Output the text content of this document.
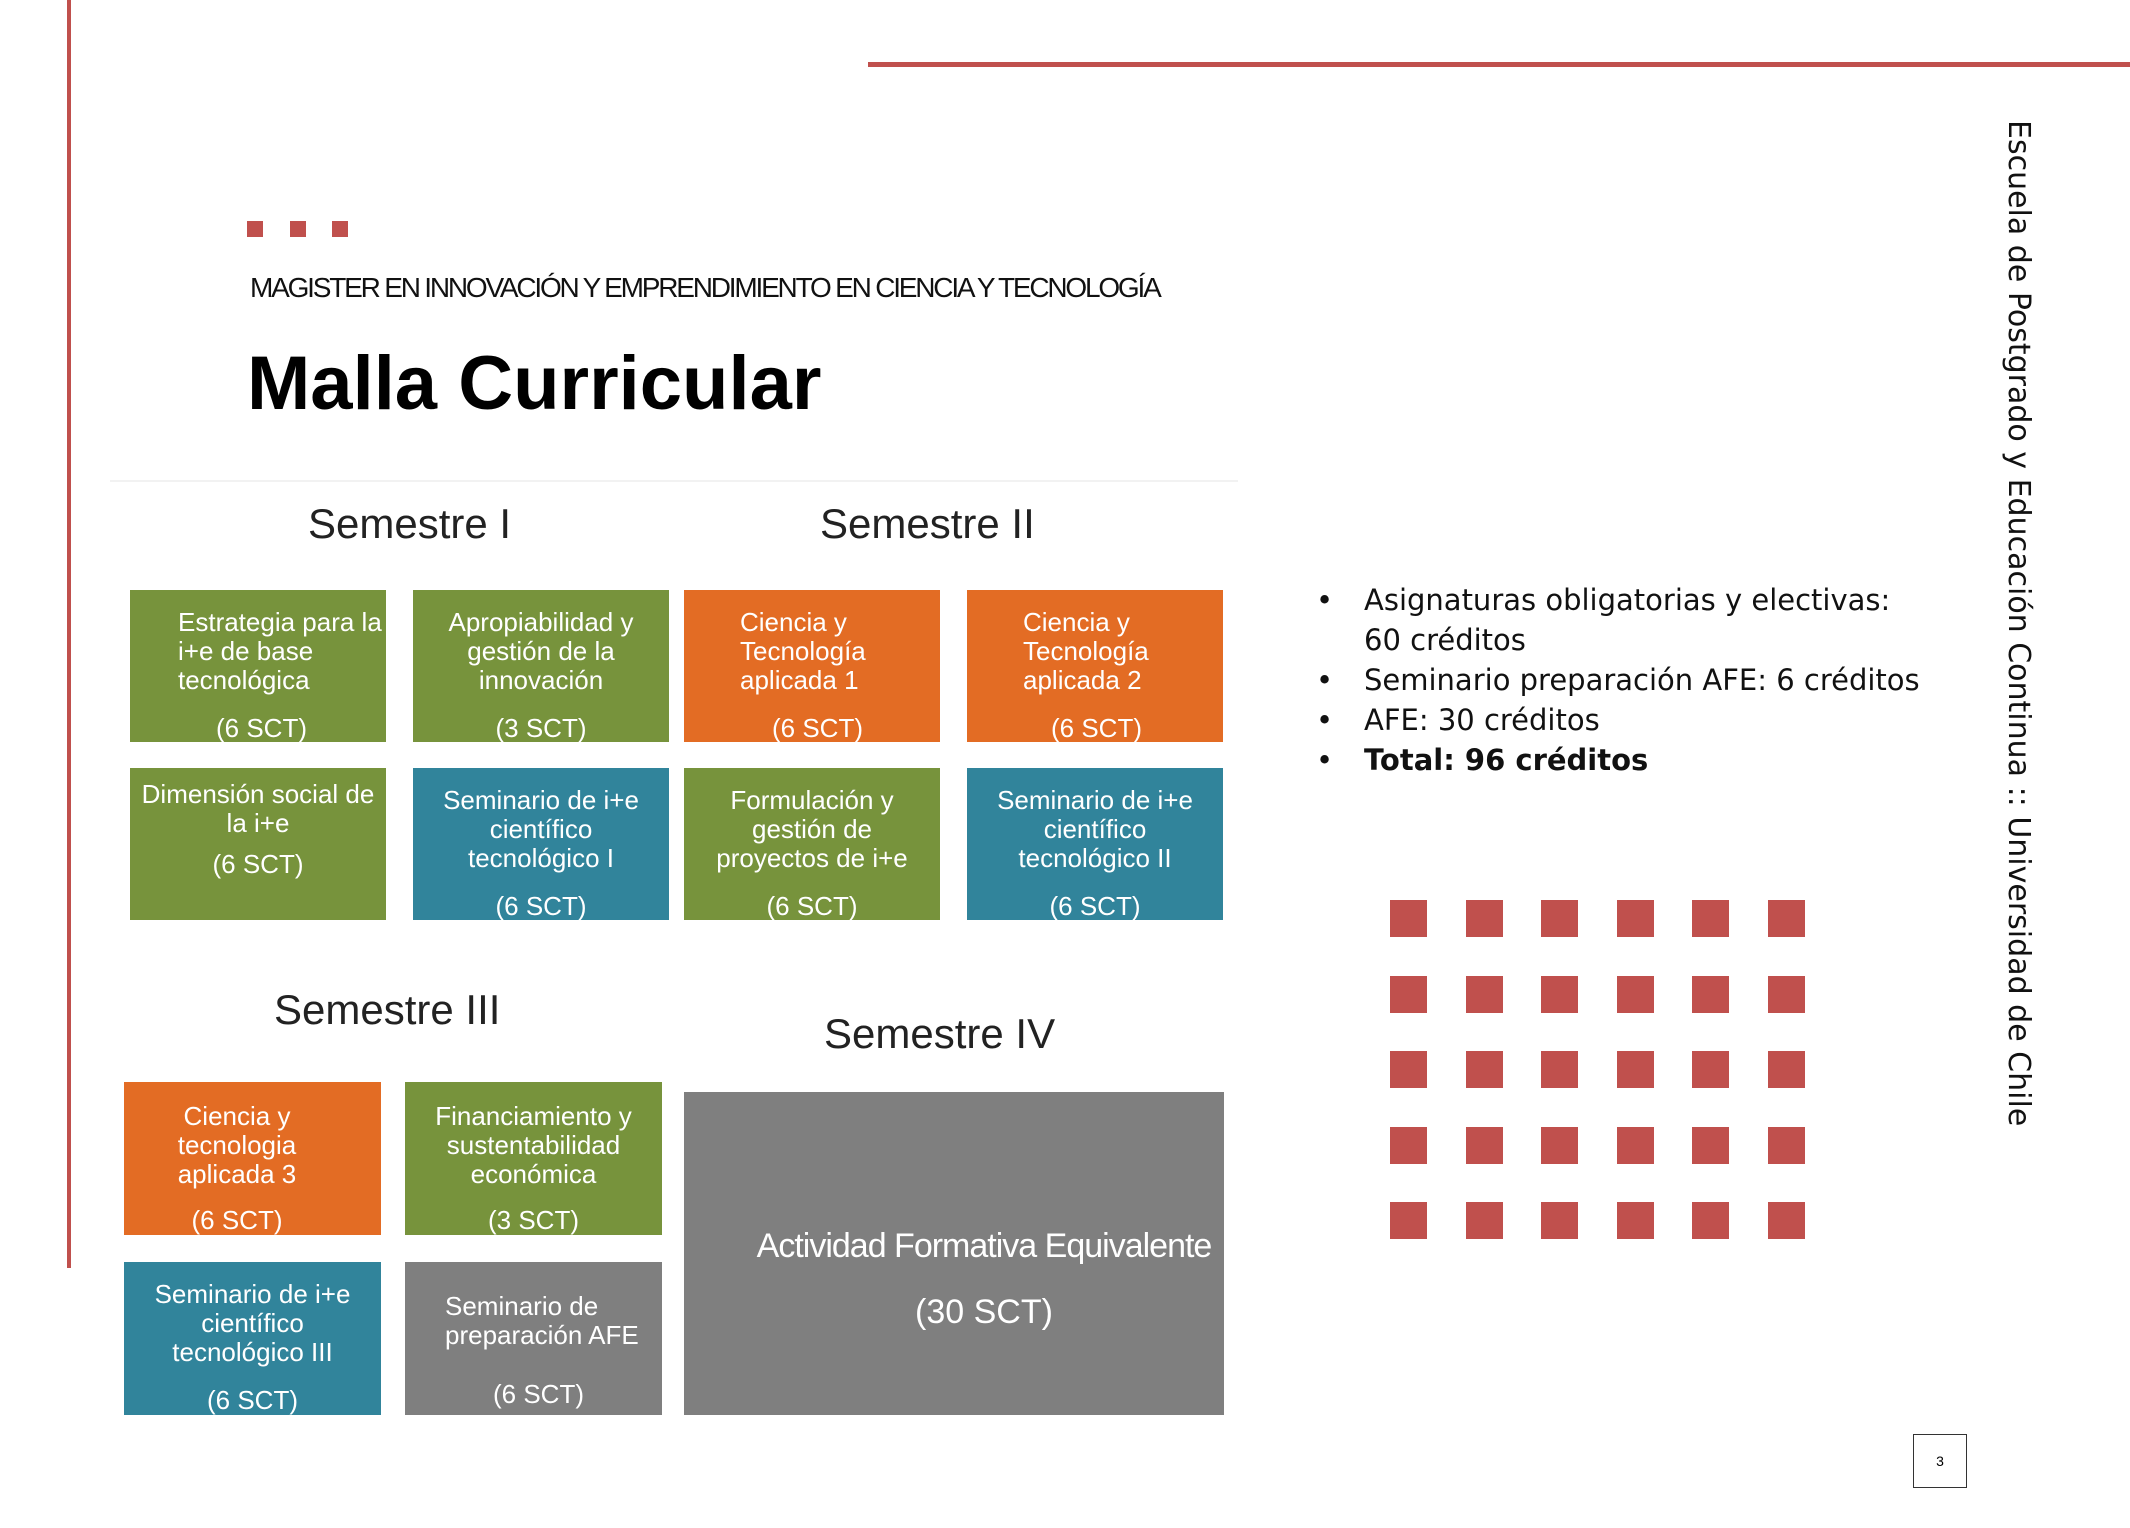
MAGISTER EN INNOVACIÓN Y EMPRENDIMIENTO EN CIENCIA Y TECNOLOGÍA
Malla Curricular
Semestre I	Semestre II
Semestre III
Semestre IV
Estrategia para la
i+e de base
tecnológica
(6 SCT)
Apropiabilidad y
gestión de la
innovación
(3 SCT)
Ciencia y
Tecnología
aplicada 1
(6 SCT)
Ciencia y
Tecnología
aplicada 2
(6 SCT)
Dimensión social de
la i+e
(6 SCT)
Seminario de i+e
científico
tecnológico I
(6 SCT)
Formulación y
gestión de
proyectos de i+e
(6 SCT)
Seminario de i+e
científico
tecnológico II
(6 SCT)
Ciencia y
tecnologia
aplicada 3
(6 SCT)
Financiamiento y
sustentabilidad
económica
(3 SCT)
Seminario de i+e
científico
tecnológico III
(6 SCT)
Seminario de
preparación AFE
(6 SCT)
Actividad Formativa Equivalente
(30 SCT)
• Asignaturas obligatorias y electivas: 60 créditos
• Seminario preparación AFE: 6 créditos
• AFE: 30 créditos
• Total: 96 créditos	Escuela de Postgrado y Educación Continua :: Universidad de Chile
3
